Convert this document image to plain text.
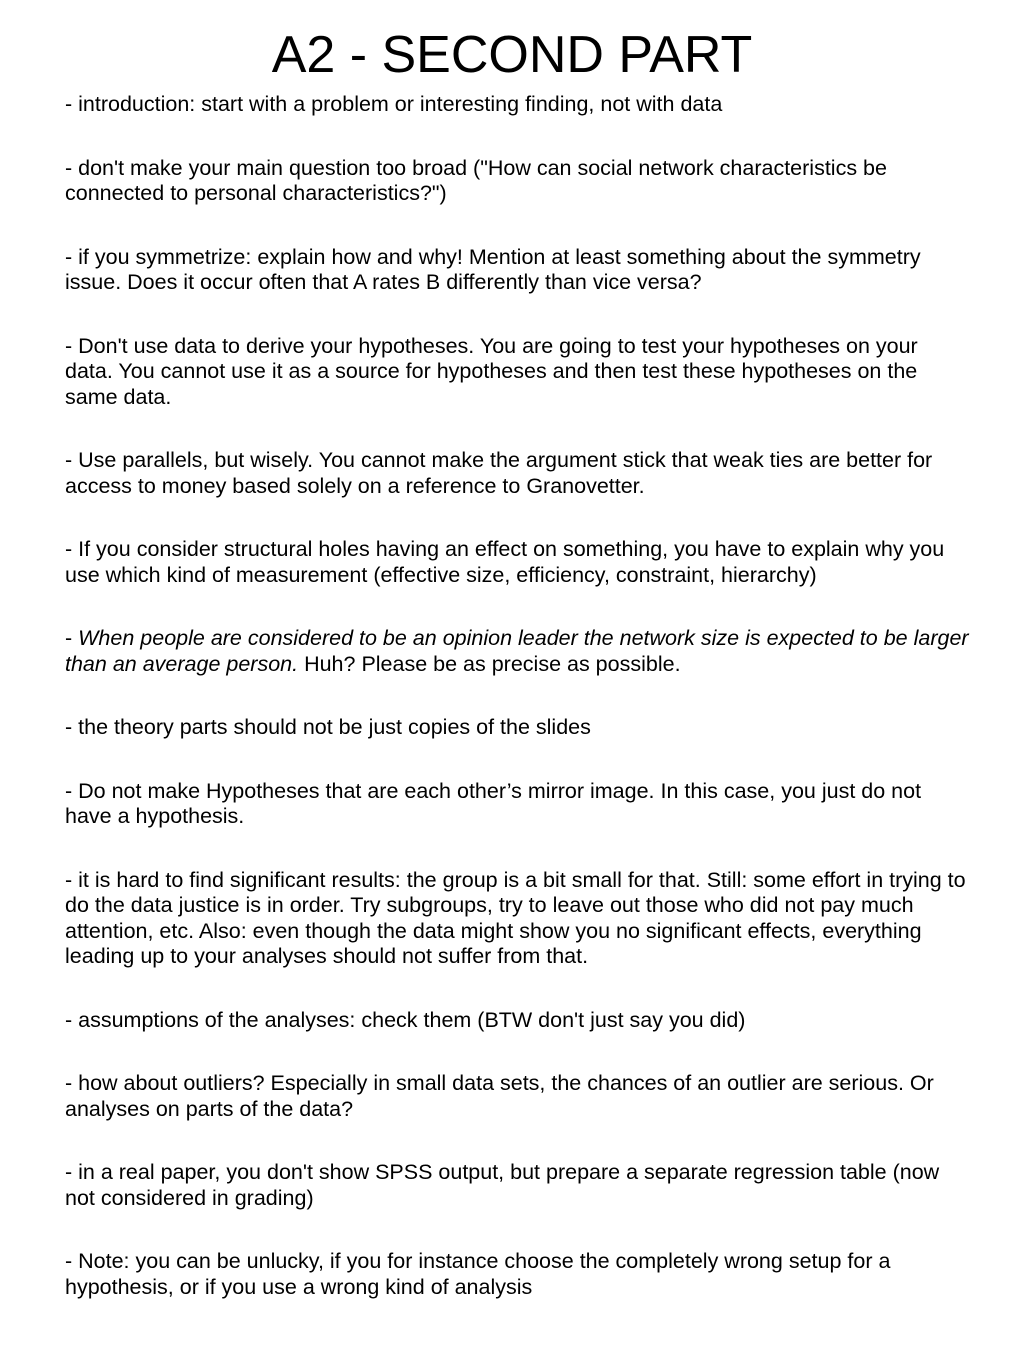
A2 - SECOND PART
- introduction: start with a problem or interesting finding, not with data
- don't make your main question too broad ("How can social network characteristics be connected to personal characteristics?")
- if you symmetrize: explain how and why! Mention at least something about the symmetry issue. Does it occur often that A rates B differently than vice versa?
- Don't use data to derive your hypotheses. You are going to test your hypotheses on your data. You cannot use it as a source for hypotheses and then test these hypotheses on the same data.
- Use parallels, but wisely. You cannot make the argument stick that weak ties are better for access to money based solely on a reference to Granovetter.
- If you consider structural holes having an effect on something, you have to explain why you use which kind of measurement (effective size, efficiency, constraint, hierarchy)
- When people are considered to be an opinion leader the network size is expected to be larger than an average person. Huh? Please be as precise as possible.
- the theory parts should not be just copies of the slides
- Do not make Hypotheses that are each other’s mirror image. In this case, you just do not have a hypothesis.
- it is hard to find significant results: the group is a bit small for that. Still: some effort in trying to do the data justice is in order. Try subgroups, try to leave out those who did not pay much attention, etc. Also: even though the data might show you no significant effects, everything leading up to your analyses should not suffer from that.
- assumptions of the analyses: check them (BTW don't just say you did)
- how about outliers? Especially in small data sets, the chances of an outlier are serious. Or analyses on parts of the data?
- in a real paper, you don't show SPSS output, but prepare a separate regression table (now not considered in grading)
- Note: you can be unlucky, if you for instance choose the completely wrong setup for a hypothesis, or if you use a wrong kind of analysis
